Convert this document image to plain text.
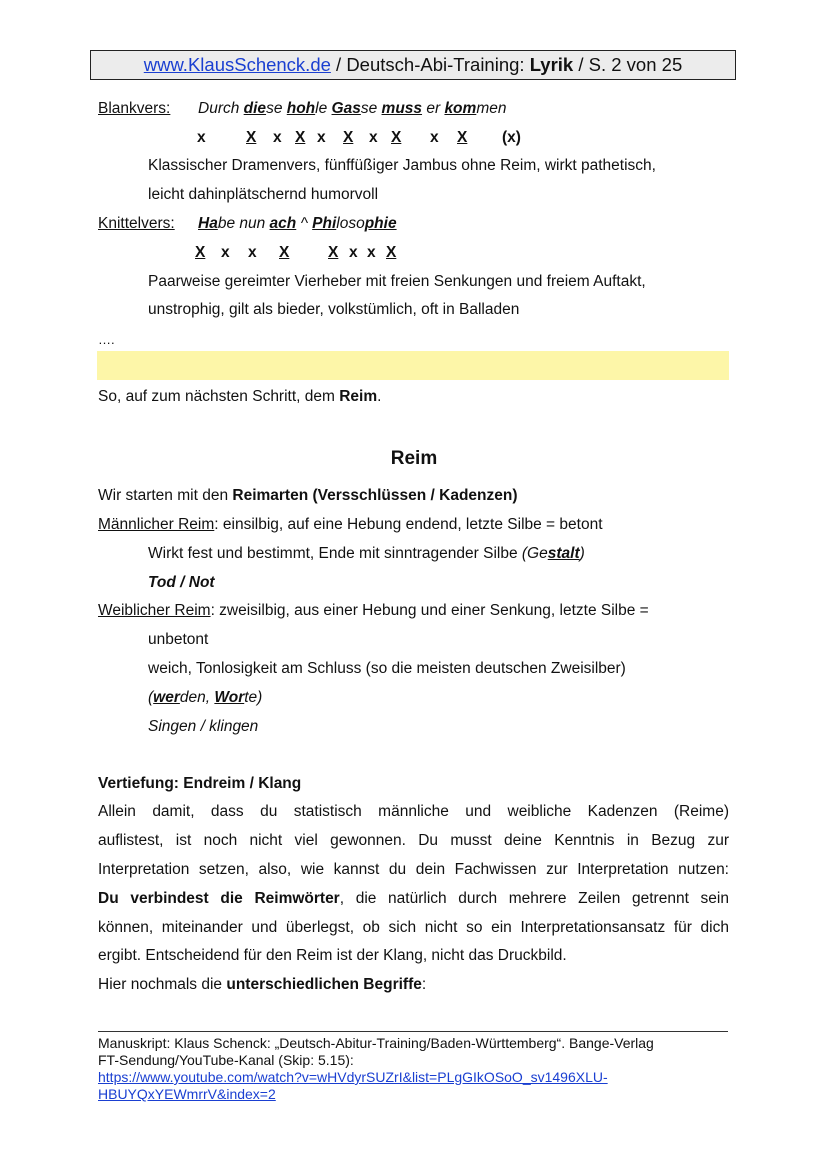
www.KlausSchenck.de / Deutsch-Abi-Training: Lyrik / S. 2 von 25
Blankvers: Durch diese hohle Gasse muss er kommen
x	X x X x X x X x X (x)
Klassischer Dramenvers, fünffüßiger Jambus ohne Reim, wirkt pathetisch,
leicht dahinplätschernd humorvoll
Knittelvers: Habe nun ach ^ Philosophie
X x x X X x x X
Paarweise gereimter Vierheber mit freien Senkungen und freiem Auftakt,
unstrophig, gilt als bieder, volkstümlich, oft in Balladen
….
So, auf zum nächsten Schritt, dem Reim.
Reim
Wir starten mit den Reimarten (Versschlüssen / Kadenzen)
Männlicher Reim: einsilbig, auf eine Hebung endend, letzte Silbe = betont
Wirkt fest und bestimmt, Ende mit sinntragender Silbe (Gestalt)
Tod / Not
Weiblicher Reim: zweisilbig, aus einer Hebung und einer Senkung, letzte Silbe =
unbetont
weich, Tonlosigkeit am Schluss (so die meisten deutschen Zweisilber)
(werden, Worte)
Singen / klingen
Vertiefung: Endreim / Klang
Allein damit, dass du statistisch männliche und weibliche Kadenzen (Reime)
auflistest, ist noch nicht viel gewonnen. Du musst deine Kenntnis in Bezug zur
Interpretation setzen, also, wie kannst du dein Fachwissen zur Interpretation nutzen:
Du verbindest die Reimwörter, die natürlich durch mehrere Zeilen getrennt sein
können, miteinander und überlegst, ob sich nicht so ein Interpretationsansatz für dich
ergibt. Entscheidend für den Reim ist der Klang, nicht das Druckbild.
Hier nochmals die unterschiedlichen Begriffe:
Manuskript: Klaus Schenck: „Deutsch-Abitur-Training/Baden-Württemberg“. Bange-Verlag
FT-Sendung/YouTube-Kanal (Skip: 5.15):
https://www.youtube.com/watch?v=wHVdyrSUZrI&list=PLgGIkOSoO_sv1496XLU-
HBUYQxYEWmrrV&index=2
